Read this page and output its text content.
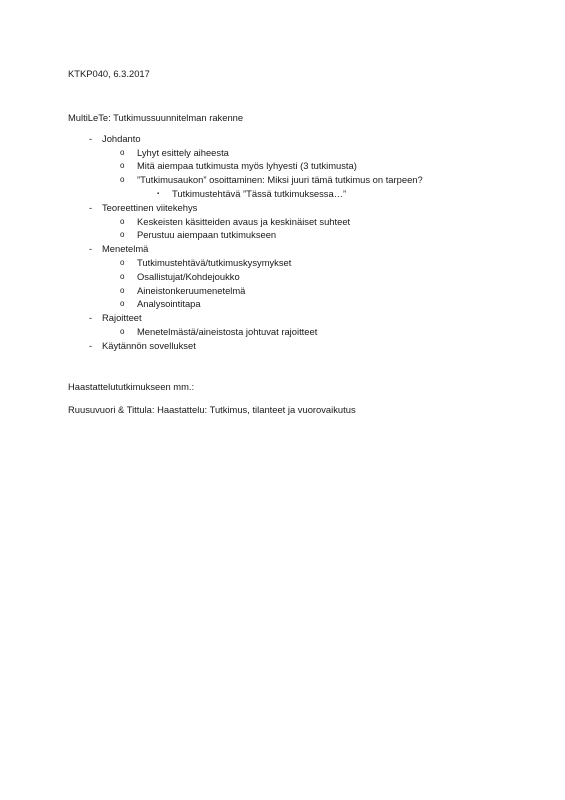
KTKP040, 6.3.2017
MultiLeTe: Tutkimussuunnitelman rakenne
- Johdanto
o Lyhyt esittely aiheesta
o Mitä aiempaa tutkimusta myös lyhyesti (3 tutkimusta)
o ”Tutkimusaukon” osoittaminen: Miksi juuri tämä tutkimus on tarpeen?
▪ Tutkimustehtävä ”Tässä tutkimuksessa…”
- Teoreettinen viitekehys
o Keskeisten käsitteiden avaus ja keskinäiset suhteet
o Perustuu aiempaan tutkimukseen
- Menetelmä
o Tutkimustehtävä/tutkimuskysymykset
o Osallistujat/Kohdejoukko
o Aineistonkeruumenetelmä
o Analysointitapa
- Rajoitteet
o Menetelmästä/aineistosta johtuvat rajoitteet
- Käytännön sovellukset
Haastattelututkimukseen mm.:
Ruusuvuori & Tittula: Haastattelu: Tutkimus, tilanteet ja vuorovaikutus
